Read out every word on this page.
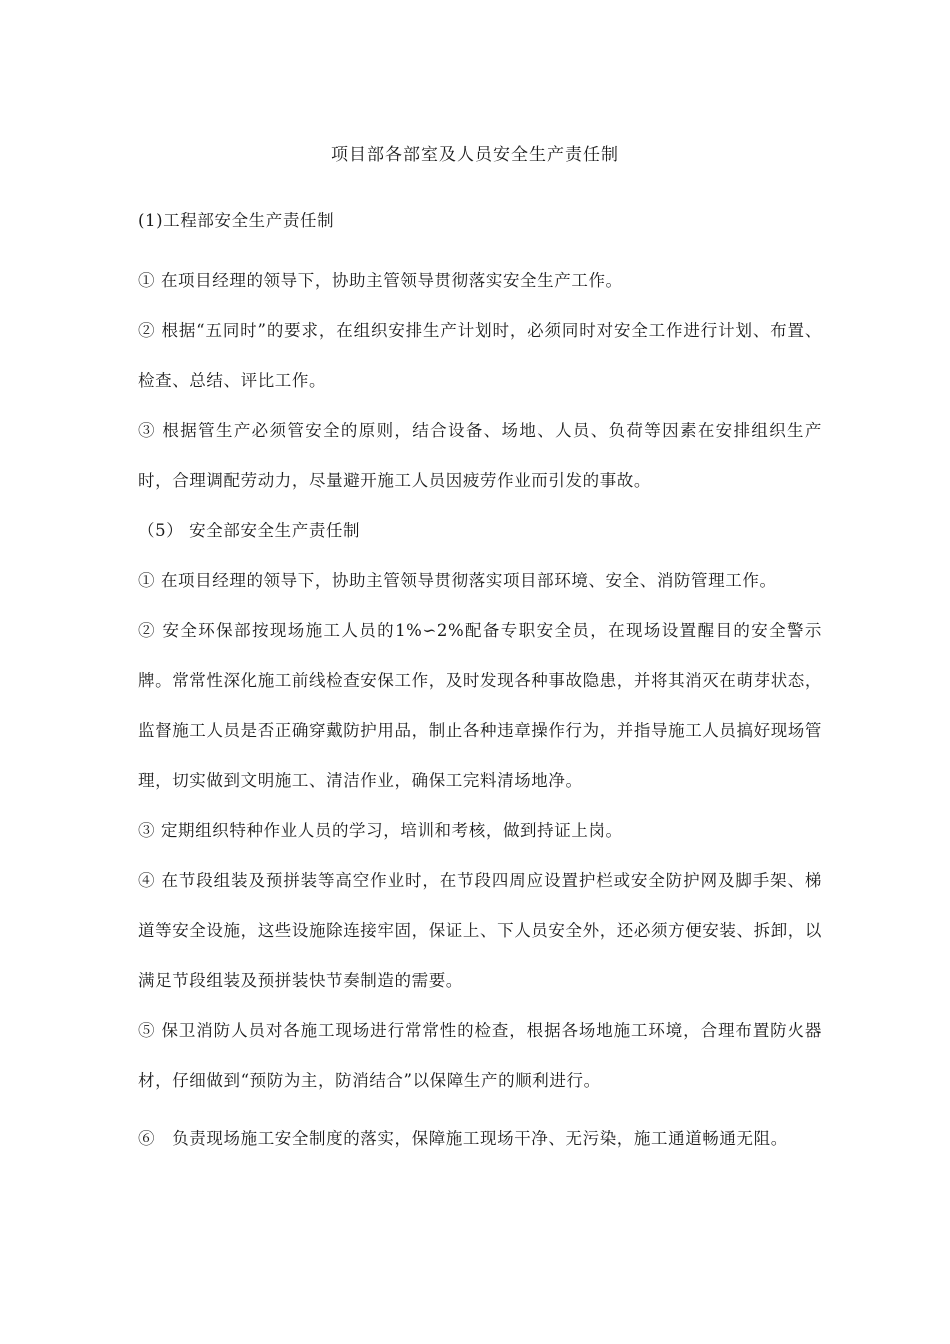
项目部各部室及人员安全生产责任制
(1)工程部安全生产责任制
① 在项目经理的领导下，协助主管领导贯彻落实安全生产工作。
② 根据“五同时”的要求，在组织安排生产计划时，必须同时对安全工作进行计划、布置、检查、总结、评比工作。
③ 根据管生产必须管安全的原则，结合设备、场地、人员、负荷等因素在安排组织生产时，合理调配劳动力，尽量避开施工人员因疲劳作业而引发的事故。
（5） 安全部安全生产责任制
① 在项目经理的领导下，协助主管领导贯彻落实项目部环境、安全、消防管理工作。
② 安全环保部按现场施工人员的1%∽2%配备专职安全员，在现场设置醒目的安全警示牌。常常性深化施工前线检查安保工作，及时发现各种事故隐患，并将其消灭在萌芽状态，监督施工人员是否正确穿戴防护用品，制止各种违章操作行为，并指导施工人员搞好现场管理，切实做到文明施工、清洁作业，确保工完料清场地净。
③ 定期组织特种作业人员的学习，培训和考核，做到持证上岗。
④ 在节段组装及预拼装等高空作业时，在节段四周应设置护栏或安全防护网及脚手架、梯道等安全设施，这些设施除连接牢固，保证上、下人员安全外，还必须方便安装、拆卸，以满足节段组装及预拼装快节奏制造的需要。
⑤ 保卫消防人员对各施工现场进行常常性的检查，根据各场地施工环境，合理布置防火器材，仔细做到“预防为主，防消结合”以保障生产的顺利进行。
⑥　负责现场施工安全制度的落实，保障施工现场干净、无污染，施工通道畅通无阻。
